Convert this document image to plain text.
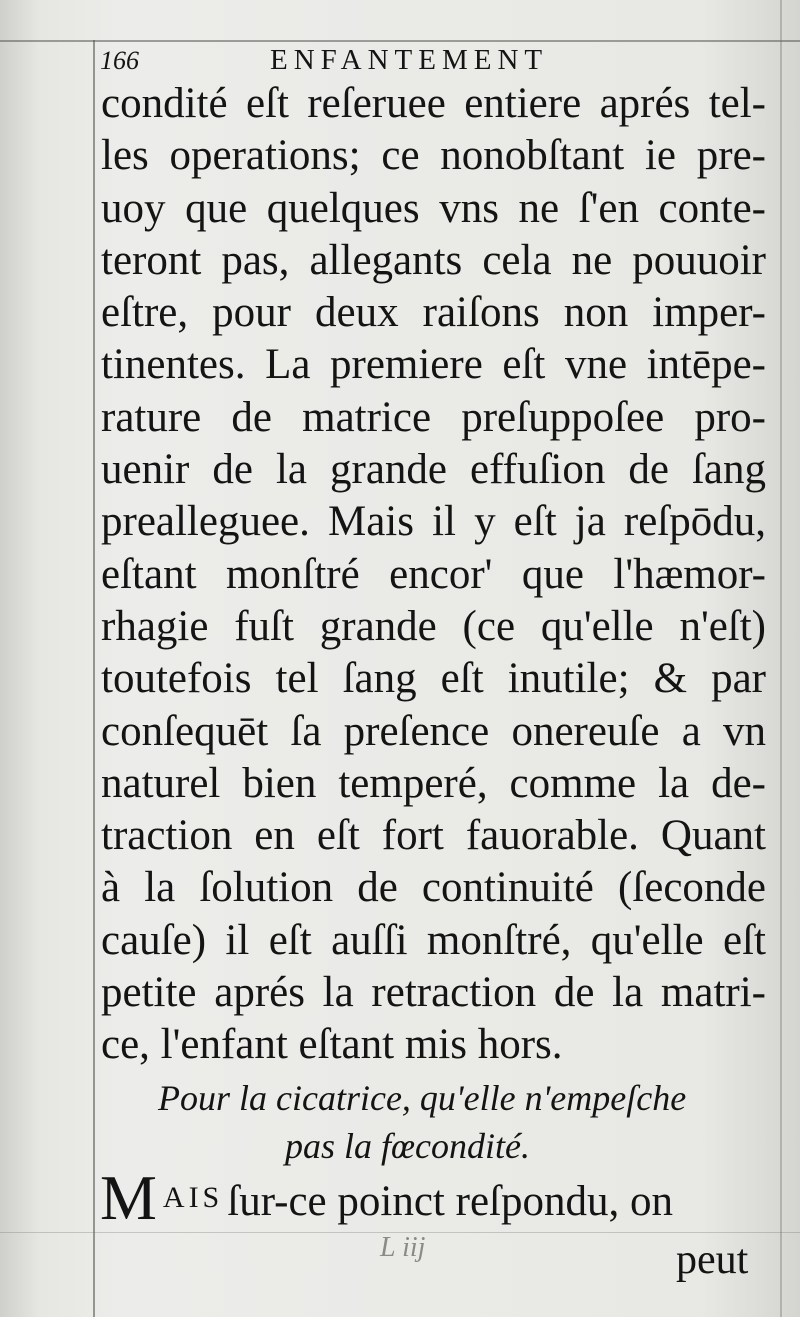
166	ENFANTEMENT
condité eſt reſeruee entiere aprés tel-
les operations; ce nonobſtant ie pre-
uoy que quelques vns ne ſ'en conte-
teront pas, allegants cela ne pouuoir
eſtre, pour deux raiſons non imper-
tinentes. La premiere eſt vne intēpe-
rature de matrice preſuppoſee pro-
uenir de la grande effuſion de ſang
prealleguee. Mais il y eſt ja reſpōdu,
eſtant monſtré encor' que l'hæmor-
rhagie fuſt grande (ce qu'elle n'eſt)
toutefois tel ſang eſt inutile; & par
conſequēt ſa preſence onereuſe a vn
naturel bien temperé, comme la de-
traction en eſt fort fauorable. Quant
à la ſolution de continuité (ſeconde
cauſe) il eſt auſſi monſtré, qu'elle eſt
petite aprés la retraction de la matri-
ce, l'enfant eſtant mis hors.
Pour la cicatrice, qu'elle n'empeſche
pas la fœcondité.
MAIS ſur-ce poinct reſpondu, on
L iij	peut
